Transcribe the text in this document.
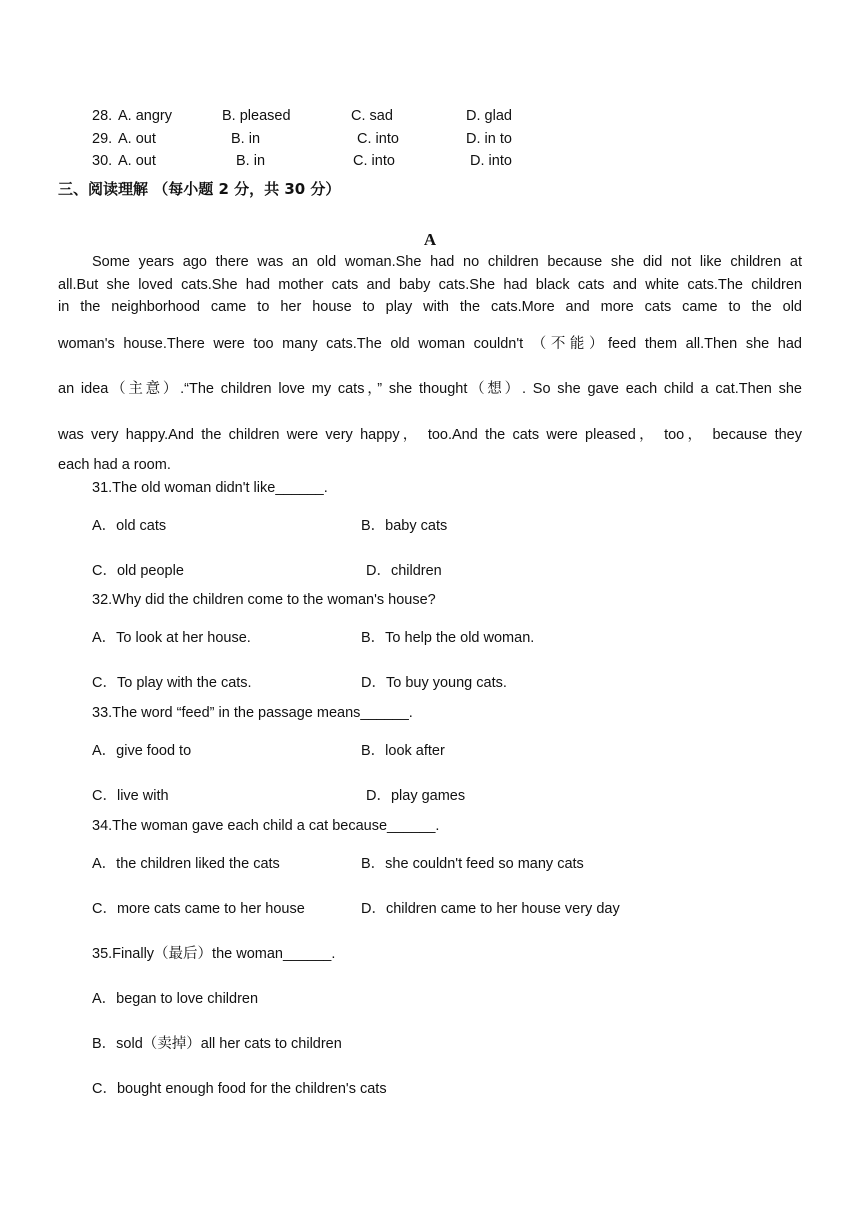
28. A. angry	B. pleased	C. sad	D. glad
29. A. out	B. in	C. into	D. in to
30. A. out	B. in	C. into	D. into
三、阅读理解 （每小题 2 分，共 30 分）
A
Some years ago there was an old woman.She had no children because she did not like children at
all.But she loved cats.She had mother cats and baby cats.She had black cats and white cats.The children
in the neighborhood came to her house to play with the cats.More and more cats came to the old
woman's house.There were too many cats.The old woman couldn't （不能）feed them all.Then she had
an idea（主意）.“The children love my cats，” she thought（想）. So she gave each child a cat.Then she
was very happy.And the children were very happy， too.And the cats were pleased， too， because they
each had a room.
31.The old woman didn't like______.
A．old cats	B．baby cats
C．old people	D．children
32.Why did the children come to the woman's house?
A．To look at her house.	B．To help the old woman.
C．To play with the cats.	D．To buy young cats.
33.The word “feed” in the passage means______.
A．give food to	B．look after
C．live with	D．play games
34.The woman gave each child a cat because______.
A．the children liked the cats	B．she couldn't feed so many cats
C．more cats came to her house	D．children came to her house very day
35.Finally（最后）the woman______.
A．began to love children
B．sold（卖掉）all her cats to children
C．bought enough food for the children's cats
